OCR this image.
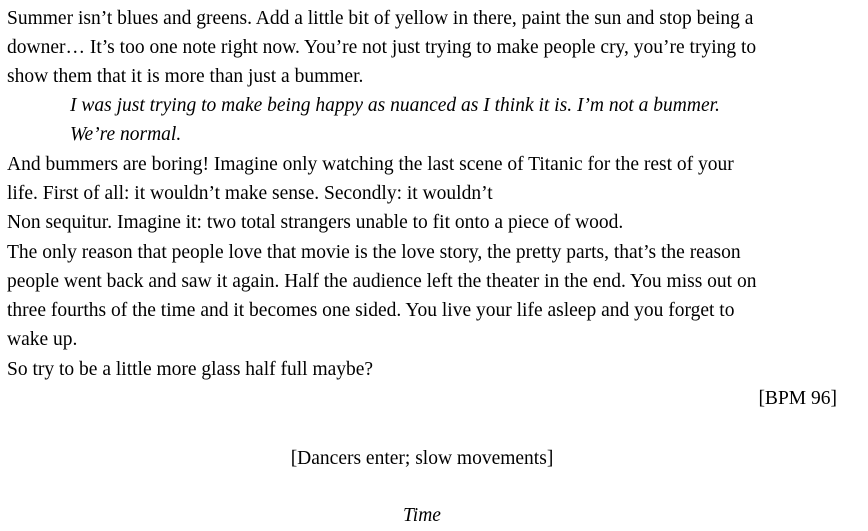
Summer isn’t blues and greens. Add a little bit of yellow in there, paint the sun and stop being a
downer… It’s too one note right now. You’re not just trying to make people cry, you’re trying to
show them that it is more than just a bummer.
I was just trying to make being happy as nuanced as I think it is. I’m not a bummer.
We’re normal.
And bummers are boring! Imagine only watching the last scene of Titanic for the rest of your
life. First of all: it wouldn’t make sense. Secondly: it wouldn’t
Non sequitur. Imagine it: two total strangers unable to fit onto a piece of wood.
The only reason that people love that movie is the love story, the pretty parts, that’s the reason
people went back and saw it again. Half the audience left the theater in the end. You miss out on
three fourths of the time and it becomes one sided. You live your life asleep and you forget to
wake up.
So try to be a little more glass half full maybe?
[BPM 96]
[Dancers enter; slow movements]
Time
